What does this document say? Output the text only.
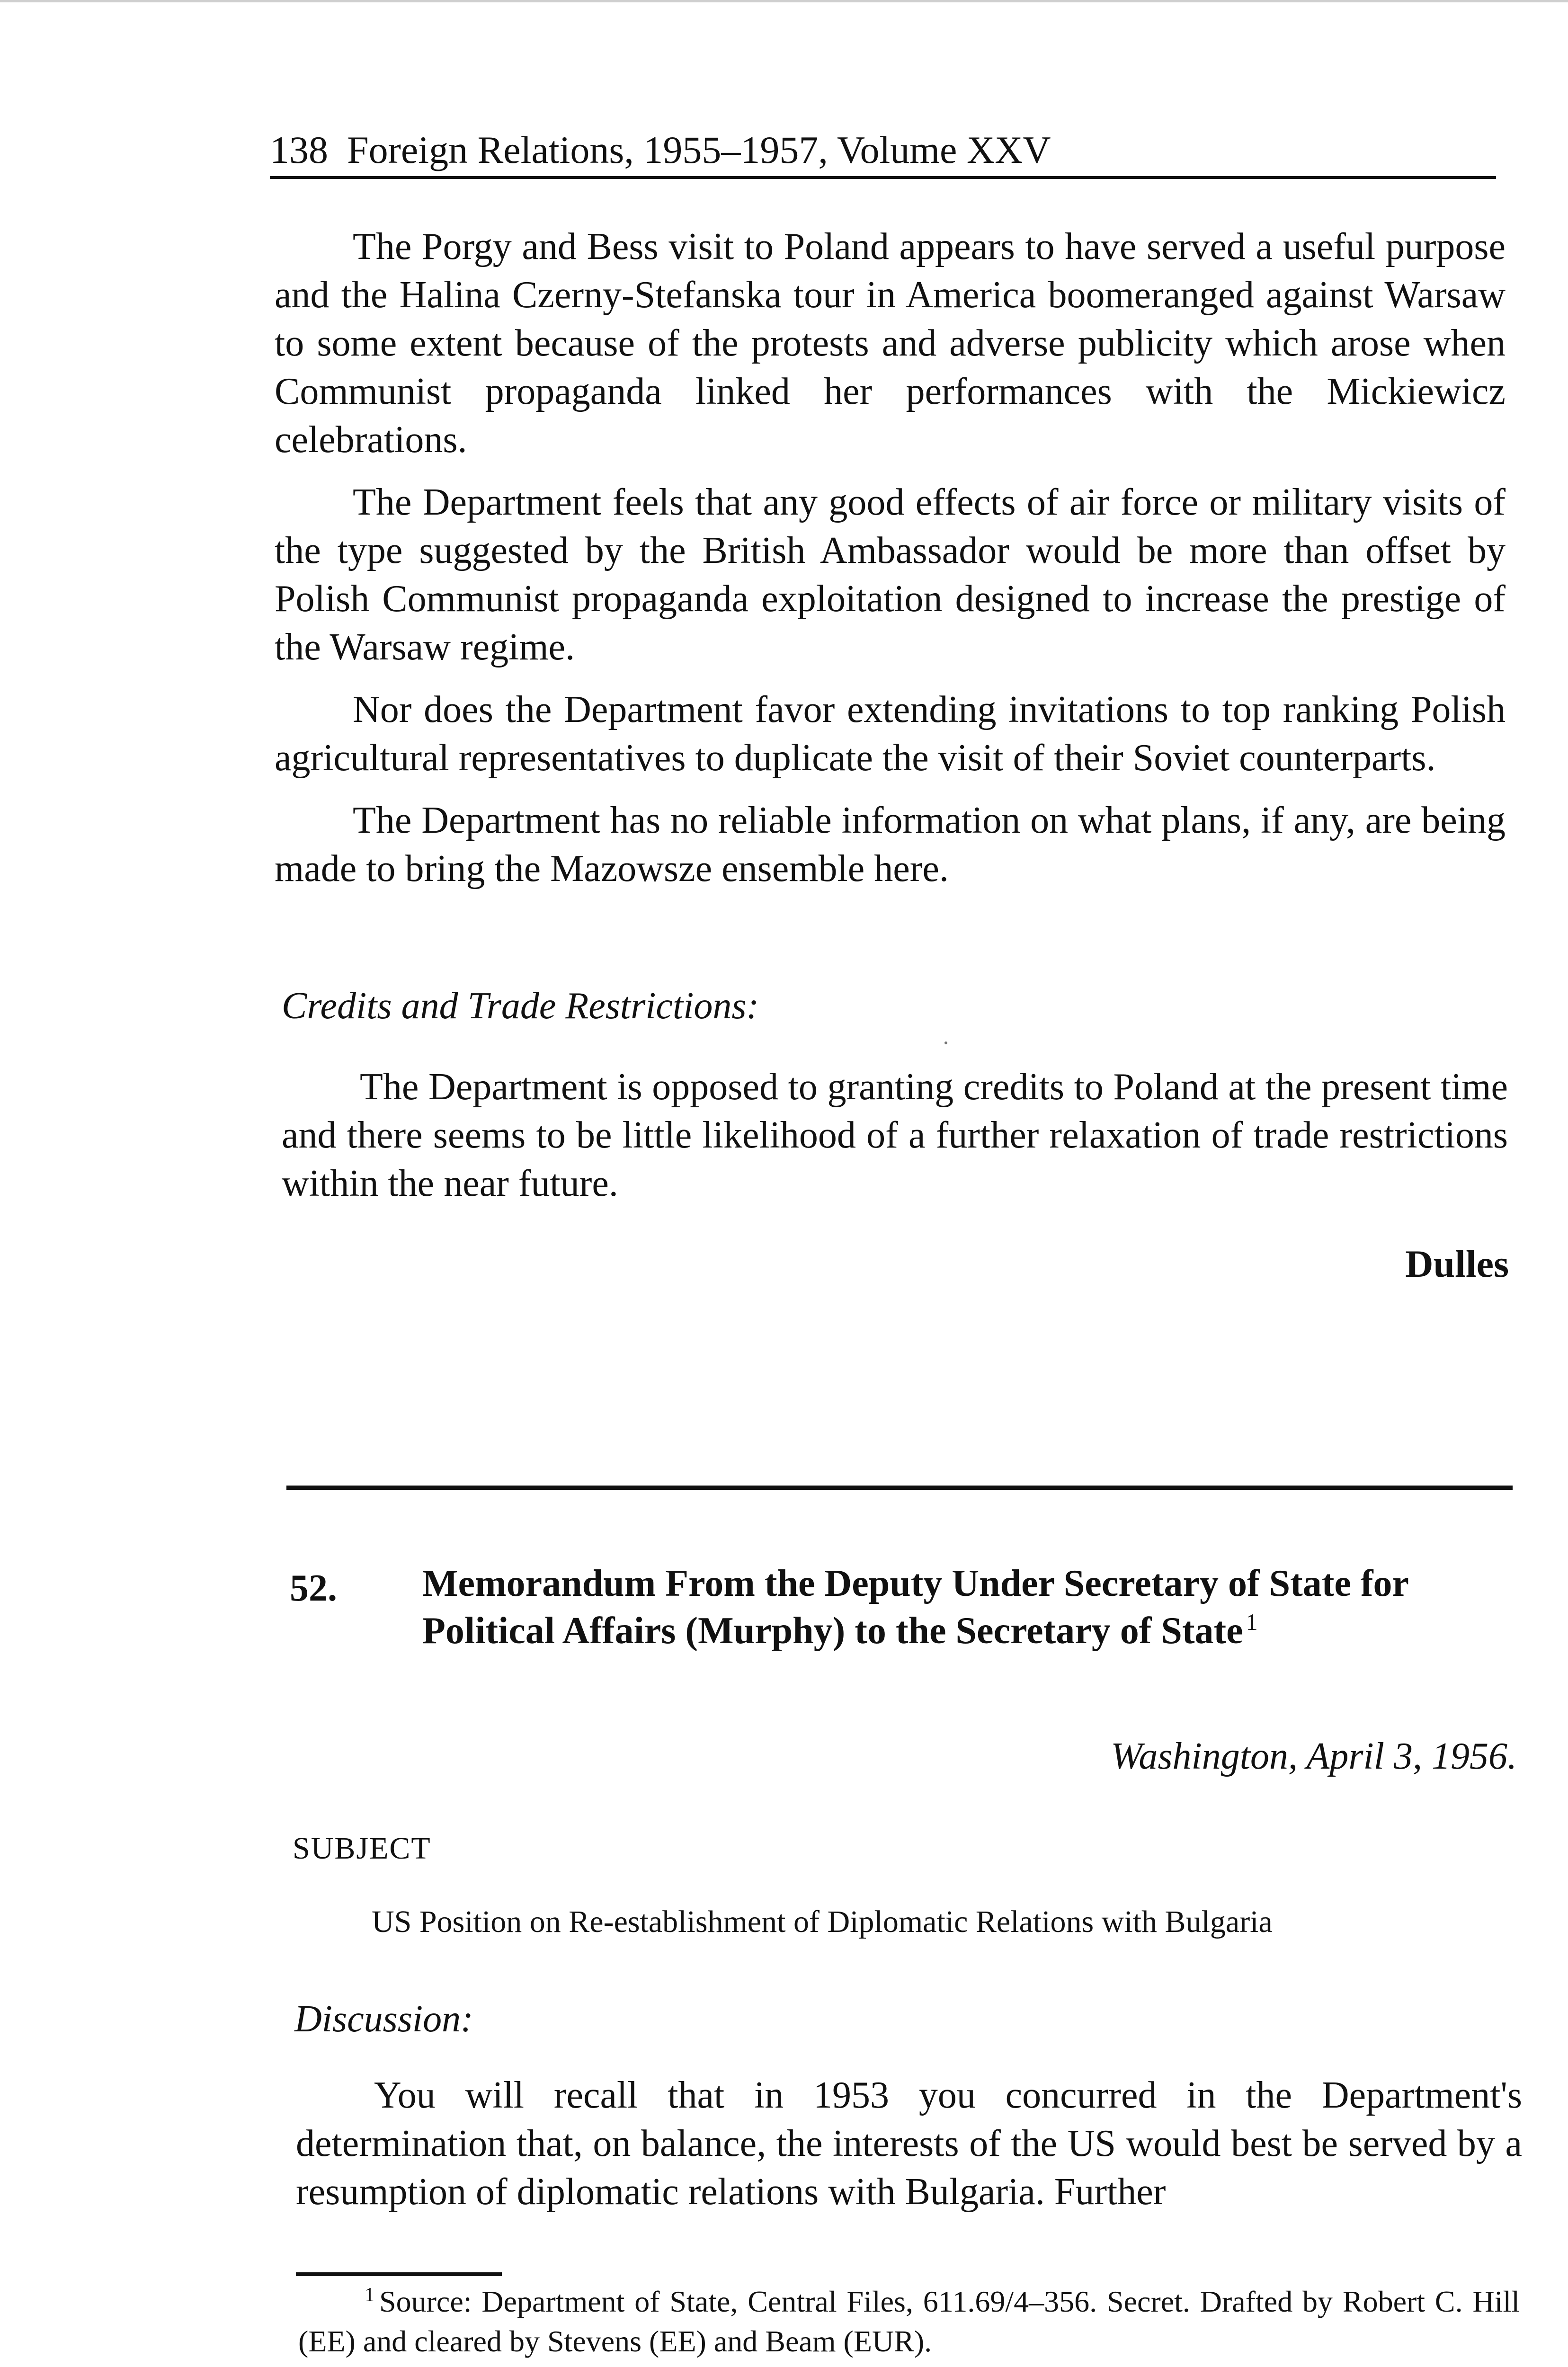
138 Foreign Relations, 1955–1957, Volume XXV

The Porgy and Bess visit to Poland appears to have served a useful purpose and the Halina Czerny-Stefanska tour in America boomeranged against Warsaw to some extent because of the protests and adverse publicity which arose when Communist propaganda linked her performances with the Mickiewicz celebrations.

The Department feels that any good effects of air force or military visits of the type suggested by the British Ambassador would be more than offset by Polish Communist propaganda exploitation designed to increase the prestige of the Warsaw regime.

Nor does the Department favor extending invitations to top ranking Polish agricultural representatives to duplicate the visit of their Soviet counterparts.

The Department has no reliable information on what plans, if any, are being made to bring the Mazowsze ensemble here.

Credits and Trade Restrictions:

The Department is opposed to granting credits to Poland at the present time and there seems to be little likelihood of a further relaxation of trade restrictions within the near future.

Dulles
52. Memorandum From the Deputy Under Secretary of State for Political Affairs (Murphy) to the Secretary of State $^1$
Washington, April 3, 1956.
SUBJECT
US Position on Re-establishment of Diplomatic Relations with Bulgaria
Discussion:

You will recall that in 1953 you concurred in the Department's determination that, on balance, the interests of the US would best be served by a resumption of diplomatic relations with Bulgaria. Further

$^1$ Source: Department of State, Central Files, 611.69/4–356. Secret. Drafted by Robert C. Hill (EE) and cleared by Stevens (EE) and Beam (EUR).
